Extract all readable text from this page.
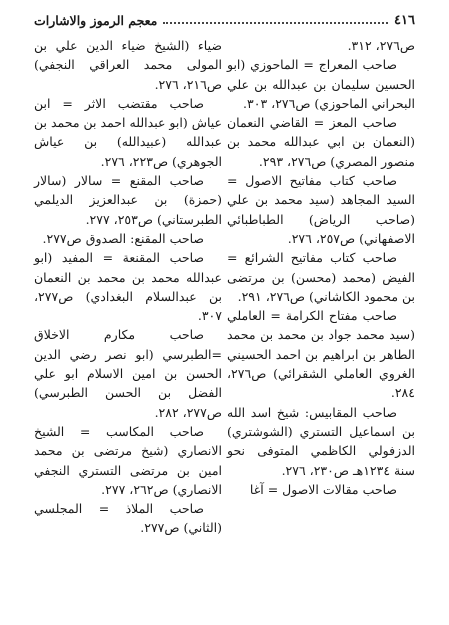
٤١٦
معجم الرموز والاشارات
ص٢٧٦، ٣١٢.
صاحب المعراج = الماحوزي (ابو الحسين سليمان بن عبدالله بن علي البحراني الماحوزي) ص٢٧٦، ٣٠٣.
صاحب المعز = القاضي النعمان (النعمان بن ابي عبدالله محمد بن منصور المصري) ص٢٧٦، ٢٩٣.
صاحب كتاب مفاتيح الاصول = السيد المجاهد (سيد محمد بن علي (صاحب الرياض) الطباطبائي الاصفهاني) ص٢٥٧، ٢٧٦.
صاحب كتاب مفاتيح الشرائع = الفيض (محمد (محسن) بن مرتضى بن محمود الكاشاني) ص٢٧٦، ٢٩١.
صاحب مفتاح الكرامة = العاملي (سيد محمد جواد بن محمد بن محمد الطاهر بن ابراهيم بن احمد الحسيني الغروي العاملي الشقرائي) ص٢٧٦، ٢٨٤.
صاحب المقابيس: شيخ اسد الله بن اسماعيل التستري (الشوشتري) الدزفولي الكاظمي المتوفى نحو سنة ١٢٣٤هـ ص٢٣٠، ٢٧٦.
صاحب مقالات الاصول = آغا
ضياء (الشيخ ضياء الدين علي بن المولى محمد العراقي النجفي) ص٢١٦، ٢٧٦.
صاحب مقتضب الاثر = ابن عياش (ابو عبدالله احمد بن محمد بن عبدالله (عبيدالله) بن عياش الجوهري) ص٢٢٣، ٢٧٦.
صاحب المقنع = سالار (سالار (حمزة) بن عبدالعزيز الديلمي الطبرستاني) ص٢٥٣، ٢٧٧.
صاحب المقنع: الصدوق ص٢٧٧.
صاحب المقنعة = المفيد (ابو عبدالله محمد بن محمد بن النعمان بن عبدالسلام البغدادي) ص٢٧٧، ٣٠٧.
صاحب مكارم الاخلاق =الطبرسي (ابو نصر رضي الدين الحسن بن امين الاسلام ابو علي الفضل بن الحسن الطبرسي) ص٢٧٧، ٢٨٢.
صاحب المكاسب = الشيخ الانصاري (شيخ مرتضى بن محمد امين بن مرتضى التستري النجفي الانصاري) ص٢٦٢، ٢٧٧.
صاحب الملاذ = المجلسي (الثاني) ص٢٧٧.
